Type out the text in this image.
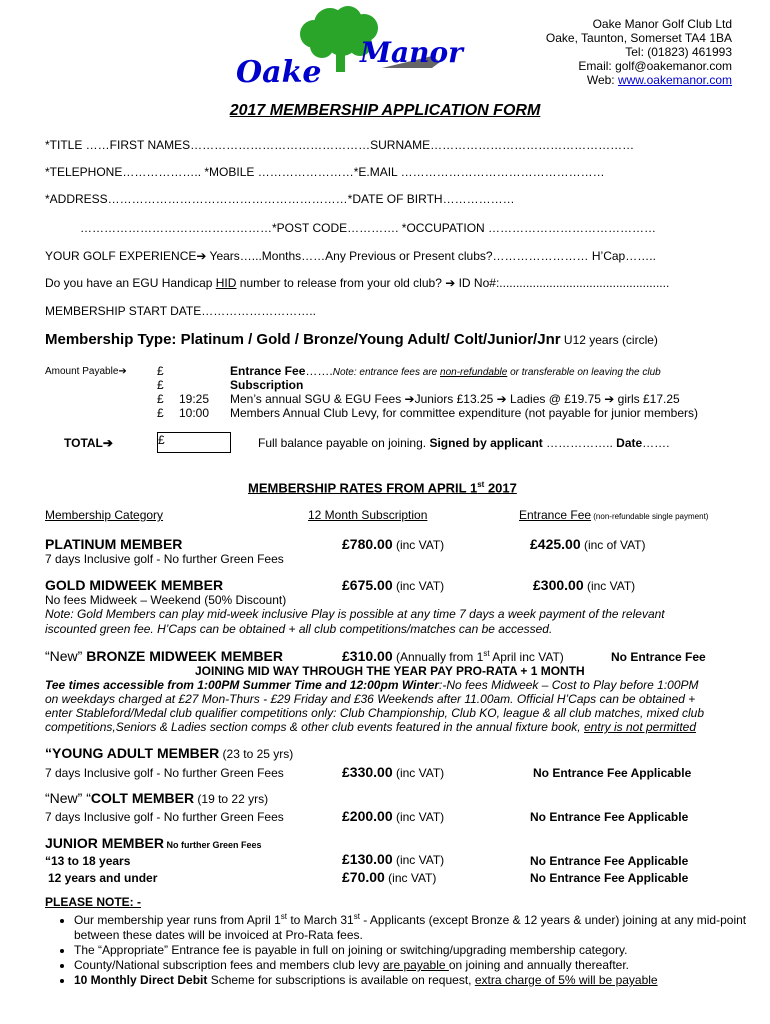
Oake
Manor
Oake Manor Golf Club Ltd
Oake, Taunton, Somerset TA4 1BA
Tel: (01823) 461993
Email: golf@oakemanor.com
Web: www.oakemanor.com
2017 MEMBERSHIP APPLICATION FORM
*TITLE ……FIRST NAMES………………………………………SURNAME……………………………………………
*TELEPHONE……………….. *MOBILE ……………………*E.MAIL ……………………………………………
*ADDRESS……………………………………………………*DATE OF BIRTH………………
…………………………………………*POST CODE…………. *OCCUPATION ……………………………………
YOUR GOLF EXPERIENCE➔ Years…...Months……Any Previous or Present clubs?…………………… H’Cap……..
Do you have an EGU Handicap HID number to release from your old club? ➔ ID No#:...................................................
MEMBERSHIP START DATE………………………..
Membership Type: Platinum / Gold / Bronze/Young Adult/ Colt/Junior/Jnr U12 years (circle)
Amount Payable➔	£	Entrance Fee…….Note: entrance fees are non-refundable or transferable on leaving the club
£	Subscription
£ 19:25 Men’s annual SGU & EGU Fees ➔Juniors £13.25 ➔ Ladies @ £19.75 ➔ girls £17.25
£ 10:00 Members Annual Club Levy, for committee expenditure (not payable for junior members)
TOTAL➔	£	Full balance payable on joining. Signed by applicant …………….. Date…….
MEMBERSHIP RATES FROM APRIL 1st 2017
Membership Category	12 Month Subscription	Entrance Fee (non-refundable single payment)
PLATINUM MEMBER	£780.00 (inc VAT)	£425.00 (inc of VAT)
7 days Inclusive golf - No further Green Fees
GOLD MIDWEEK MEMBER	£675.00 (inc VAT)	£300.00 (inc VAT)
No fees Midweek – Weekend (50% Discount)
Note: Gold Members can play mid-week inclusive Play is possible at any time 7 days a week payment of the relevant
iscounted green fee. H’Caps can be obtained + all club competitions/matches can be accessed.
“New” BRONZE MIDWEEK MEMBER	£310.00 (Annually from 1st April inc VAT)	No Entrance Fee
JOINING MID WAY THROUGH THE YEAR PAY PRO-RATA + 1 MONTH
Tee times accessible from 1:00PM Summer Time and 12:00pm Winter:-No fees Midweek – Cost to Play before 1:00PM
on weekdays charged at £27 Mon-Thurs - £29 Friday and £36 Weekends after 11.00am. Official H’Caps can be obtained +
enter Stableford/Medal club qualifier competitions only: Club Championship, Club KO, league & all club matches, mixed club
competitions,Seniors & Ladies section comps & other club events featured in the annual fixture book, entry is not permitted
“YOUNG ADULT MEMBER (23 to 25 yrs)
7 days Inclusive golf - No further Green Fees	£330.00 (inc VAT)	No Entrance Fee Applicable
“New” “COLT MEMBER (19 to 22 yrs)
7 days Inclusive golf - No further Green Fees	£200.00 (inc VAT)	No Entrance Fee Applicable
JUNIOR MEMBER No further Green Fees
“13 to 18 years	£130.00 (inc VAT)	No Entrance Fee Applicable
12 years and under	£70.00 (inc VAT)	No Entrance Fee Applicable
PLEASE NOTE: -
• Our membership year runs from April 1st to March 31st - Applicants (except Bronze & 12 years & under) joining at any mid-point between these dates will be invoiced at Pro-Rata fees.
• The “Appropriate” Entrance fee is payable in full on joining or switching/upgrading membership category.
• County/National subscription fees and members club levy are payable on joining and annually thereafter.
• 10 Monthly Direct Debit Scheme for subscriptions is available on request, extra charge of 5% will be payable
